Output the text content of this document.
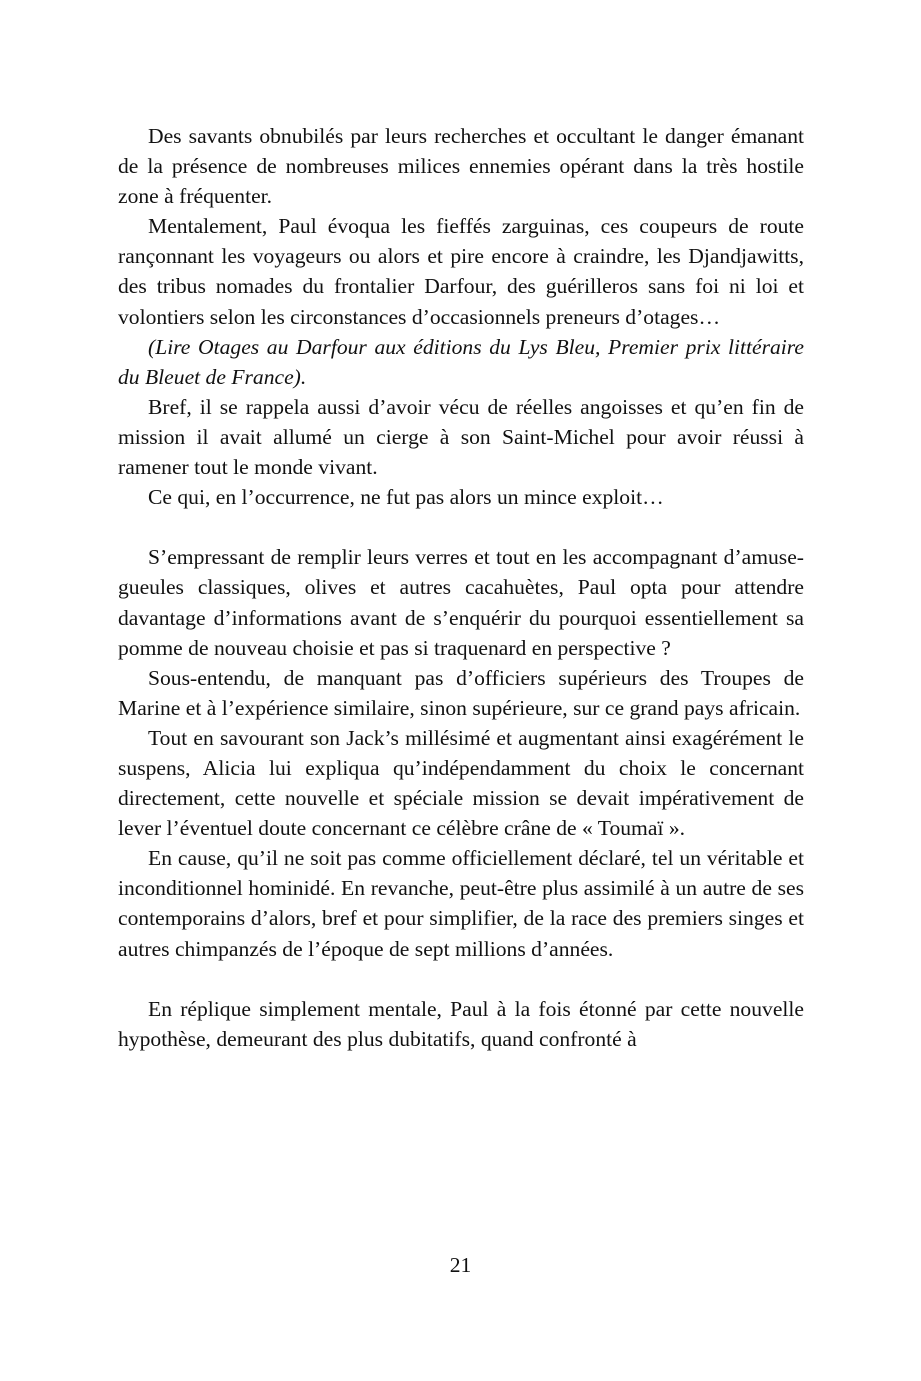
Des savants obnubilés par leurs recherches et occultant le danger émanant de la présence de nombreuses milices ennemies opérant dans la très hostile zone à fréquenter.

Mentalement, Paul évoqua les fieffés zarguinas, ces coupeurs de route rançonnant les voyageurs ou alors et pire encore à craindre, les Djandjawitts, des tribus nomades du frontalier Darfour, des guérilleros sans foi ni loi et volontiers selon les circonstances d’occasionnels preneurs d’otages…

(Lire Otages au Darfour aux éditions du Lys Bleu, Premier prix littéraire du Bleuet de France).

Bref, il se rappela aussi d’avoir vécu de réelles angoisses et qu’en fin de mission il avait allumé un cierge à son Saint-Michel pour avoir réussi à ramener tout le monde vivant.

Ce qui, en l’occurrence, ne fut pas alors un mince exploit…

S’empressant de remplir leurs verres et tout en les accompagnant d’amuse-gueules classiques, olives et autres cacahuètes, Paul opta pour attendre davantage d’informations avant de s’enquérir du pourquoi essentiellement sa pomme de nouveau choisie et pas si traquenard en perspective ?

Sous-entendu, de manquant pas d’officiers supérieurs des Troupes de Marine et à l’expérience similaire, sinon supérieure, sur ce grand pays africain.

Tout en savourant son Jack’s millésimé et augmentant ainsi exagérément le suspens, Alicia lui expliqua qu’indépendamment du choix le concernant directement, cette nouvelle et spéciale mission se devait impérativement de lever l’éventuel doute concernant ce célèbre crâne de « Toumaï ».

En cause, qu’il ne soit pas comme officiellement déclaré, tel un véritable et inconditionnel hominidé. En revanche, peut-être plus assimilé à un autre de ses contemporains d’alors, bref et pour simplifier, de la race des premiers singes et autres chimpanzés de l’époque de sept millions d’années.

En réplique simplement mentale, Paul à la fois étonné par cette nouvelle hypothèse, demeurant des plus dubitatifs, quand confronté à

21
